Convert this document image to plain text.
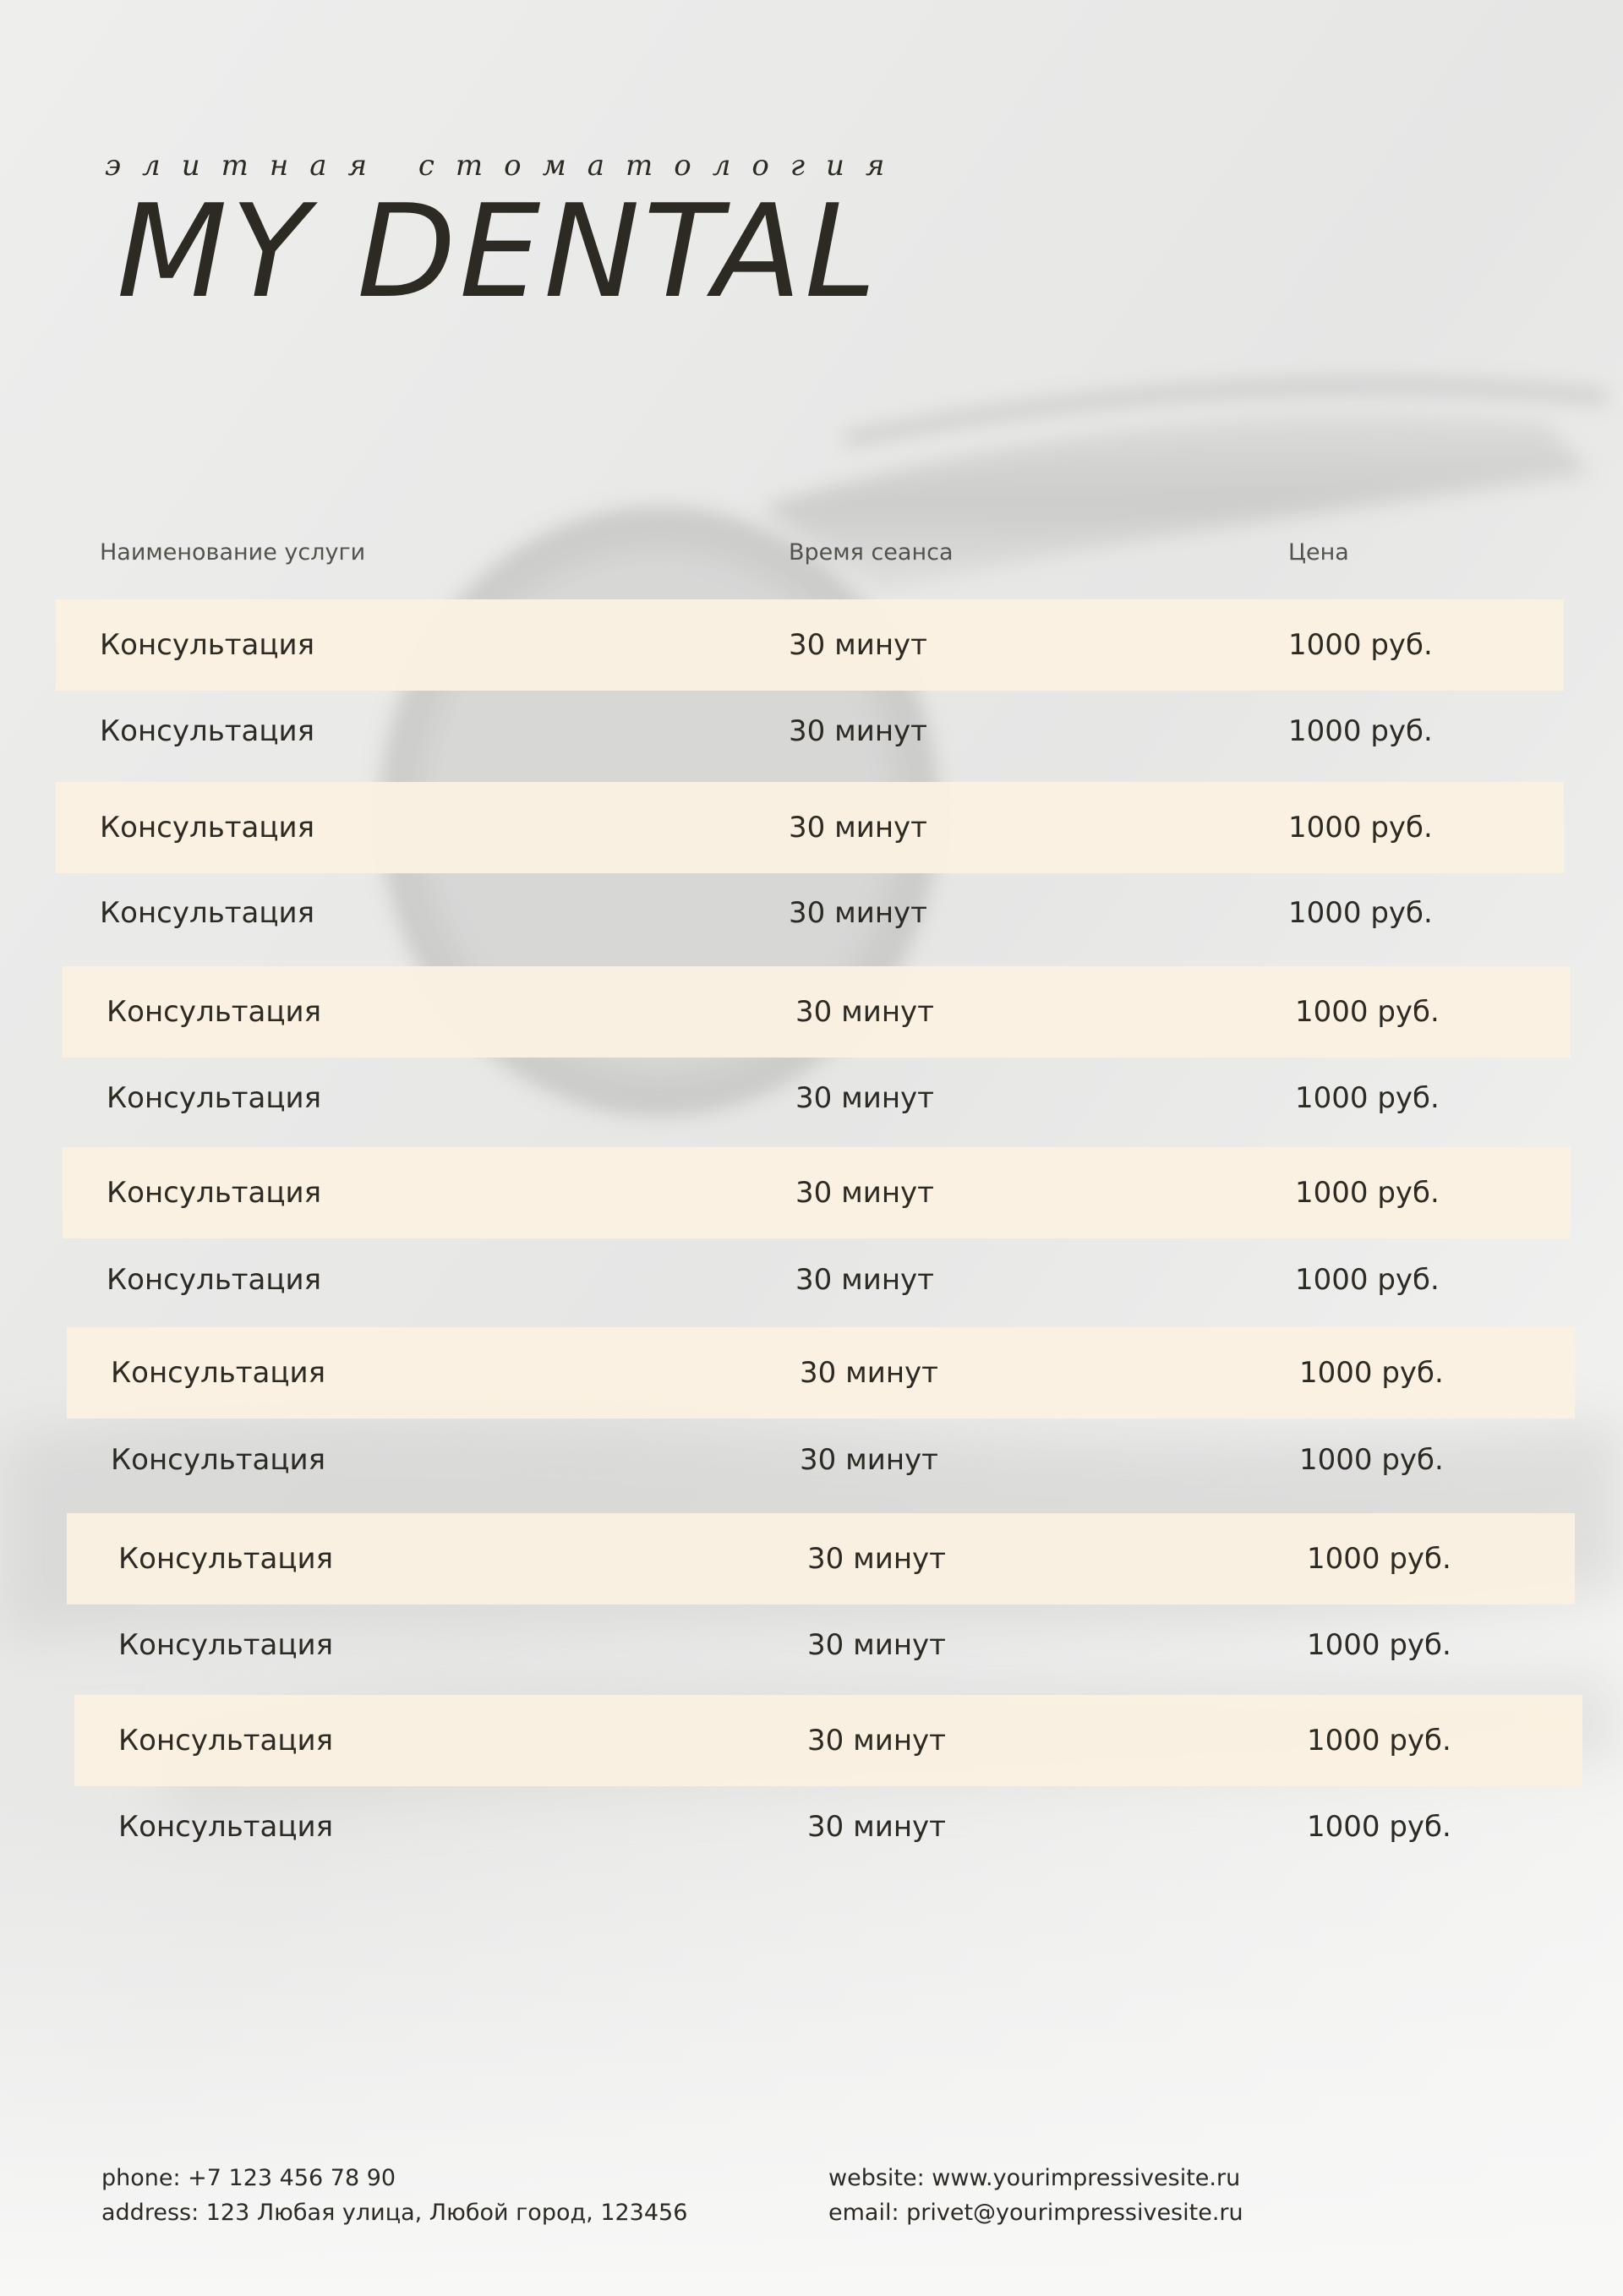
элитная стоматология
MY DENTAL
Наименование услуги	Время сеанса	Цена
Консультация	30 минут	1000 руб.
Консультация	30 минут	1000 руб.
Консультация	30 минут	1000 руб.
Консультация	30 минут	1000 руб.
Консультация	30 минут	1000 руб.
Консультация	30 минут	1000 руб.
Консультация	30 минут	1000 руб.
Консультация	30 минут	1000 руб.
Консультация	30 минут	1000 руб.
Консультация	30 минут	1000 руб.
Консультация	30 минут	1000 руб.
Консультация	30 минут	1000 руб.
Консультация	30 минут	1000 руб.
Консультация	30 минут	1000 руб.
phone: +7 123 456 78 90
address: 123 Любая улица, Любой город, 123456
website: www.yourimpressivesite.ru
email: privet@yourimpressivesite.ru
